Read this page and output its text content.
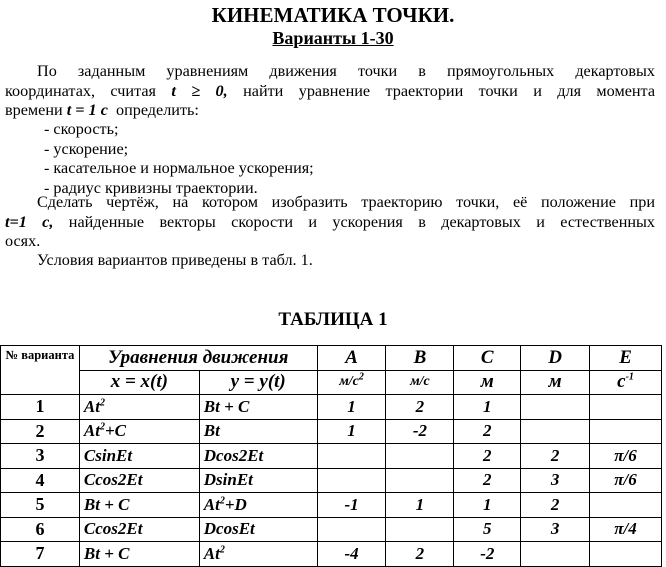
КИНЕМАТИКА ТОЧКИ.
Варианты 1-30
По заданным уравнениям движения точки в прямоугольных декартовых
координатах, считая t ≥ 0, найти уравнение траектории точки и для момента
времени t = 1 с  определить:
- скорость;
- ускорение;
- касательное и нормальное ускорения;
- радиус кривизны траектории.
Сделать чертёж, на котором изобразить траекторию точки, её положение при
t=1 с, найденные векторы скорости и ускорения в декартовых и естественных
осях.
Условия вариантов приведены в табл. 1.
ТАБЛИЦА 1
№ варианта	Уравнения движения		A	B	C	D	E
	x = x(t)	y = y(t)	$м/с^2$	м/с	м	м	$с^{-1}$
1	At$^2$	Bt + C	1	2	1		
2	$At^2+C$	Bt	1	-2	2		
3	CsinEt	Dcos2Et			2	2	π/6
4	Ccos2Et	DsinEt			2	3	π/6
5	Bt + C	$At^2+D$	-1	1	1	2	
6	Ccos2Et	DcosEt			5	3	π/4
7	Bt + C	At$^2$	-4	2	-2		
